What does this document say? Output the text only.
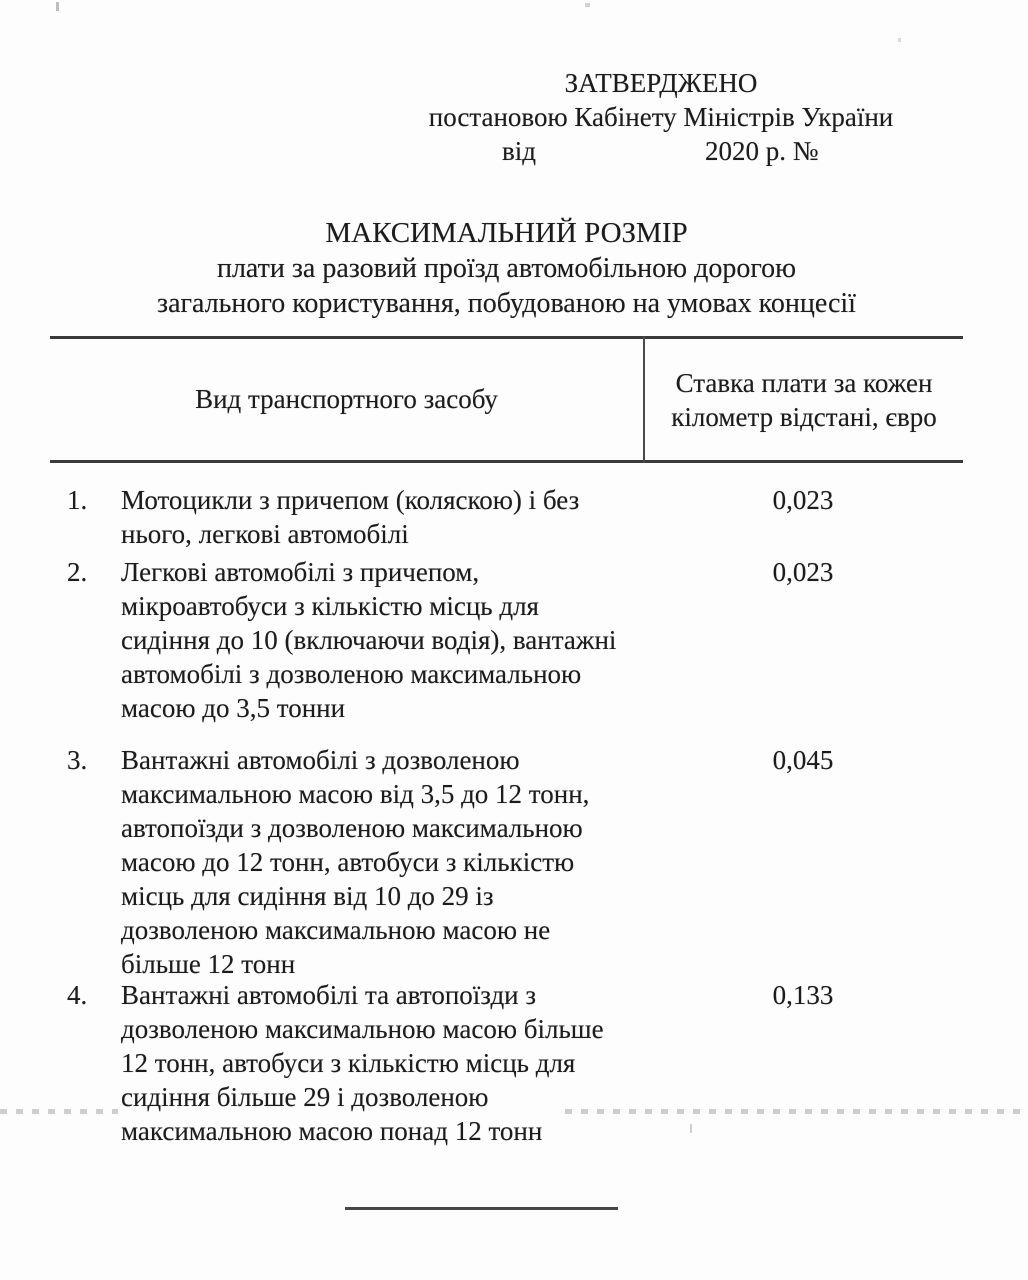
ЗАТВЕРДЖЕНО
постановою Кабінету Міністрів України
від	2020 р. №
МАКСИМАЛЬНИЙ РОЗМІР
плати за разовий проїзд автомобільною дорогою
загального користування, побудованою на умовах концесії
Вид транспортного засобу
Ставка плати за кожен кілометр відстані, євро
1. Мотоцикли з причепом (коляскою) і без нього, легкові автомобілі
0,023
2. Легкові автомобілі з причепом, мікроавтобуси з кількістю місць для сидіння до 10 (включаючи водія), вантажні автомобілі з дозволеною максимальною масою до 3,5 тонни
0,023
3. Вантажні автомобілі з дозволеною максимальною масою від 3,5 до 12 тонн, автопоїзди з дозволеною максимальною масою до 12 тонн, автобуси з кількістю місць для сидіння від 10 до 29 із дозволеною максимальною масою не більше 12 тонн
0,045
4. Вантажні автомобілі та автопоїзди з дозволеною максимальною масою більше 12 тонн, автобуси з кількістю місць для сидіння більше 29 і дозволеною максимальною масою понад 12 тонн
0,133
